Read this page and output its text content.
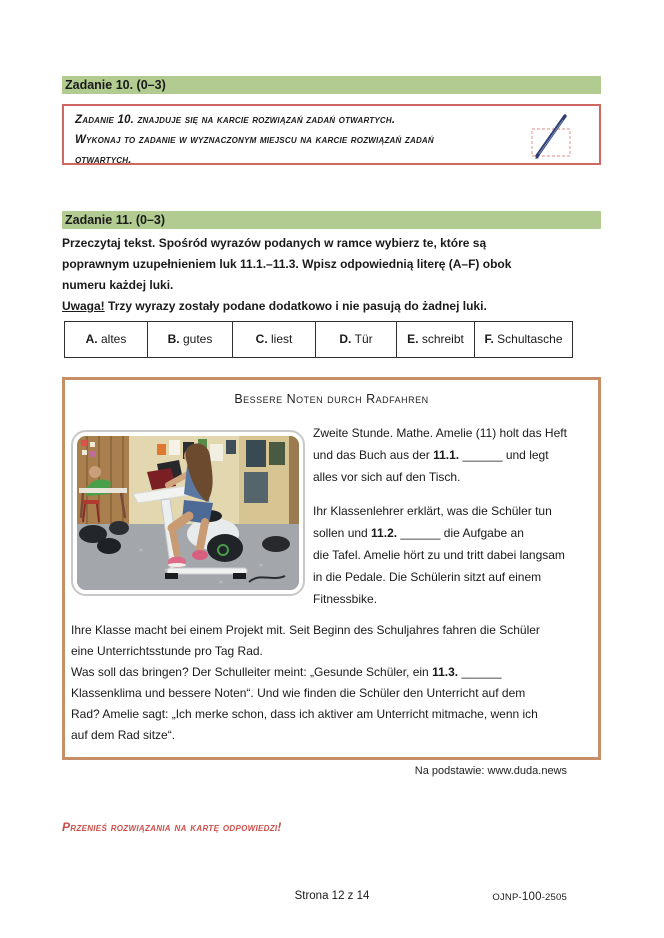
Zadanie 10. (0–3)
Zadanie 10. znajduje się na karcie rozwiązań zadań otwartych.
Wykonaj to zadanie w wyznaczonym miejscu na karcie rozwiązań zadań
otwartych.
Zadanie 11. (0–3)
Przeczytaj tekst. Spośród wyrazów podanych w ramce wybierz te, które są
poprawnym uzupełnieniem luk 11.1.–11.3. Wpisz odpowiednią literę (A–F) obok
numeru każdej luki.
Uwaga! Trzy wyrazy zostały podane dodatkowo i nie pasują do żadnej luki.
A. altes	B. gutes	C. liest	D. Tür	E. schreibt	F. Schultasche
Bessere Noten durch Radfahren
Zweite Stunde. Mathe. Amelie (11) holt das Heft
und das Buch aus der 11.1. ______ und legt
alles vor sich auf den Tisch.
Ihr Klassenlehrer erklärt, was die Schüler tun
sollen und 11.2. ______ die Aufgabe an
die Tafel. Amelie hört zu und tritt dabei langsam
in die Pedale. Die Schülerin sitzt auf einem
Fitnessbike.
Ihre Klasse macht bei einem Projekt mit. Seit Beginn des Schuljahres fahren die Schüler
eine Unterrichtsstunde pro Tag Rad.
Was soll das bringen? Der Schulleiter meint: „Gesunde Schüler, ein 11.3. ______
Klassenklima und bessere Noten“. Und wie finden die Schüler den Unterricht auf dem
Rad? Amelie sagt: „Ich merke schon, dass ich aktiver am Unterricht mitmache, wenn ich
auf dem Rad sitze“.
Na podstawie: www.duda.news
Przenieś rozwiązania na kartę odpowiedzi!
Strona 12 z 14	OJNP-100-2505
